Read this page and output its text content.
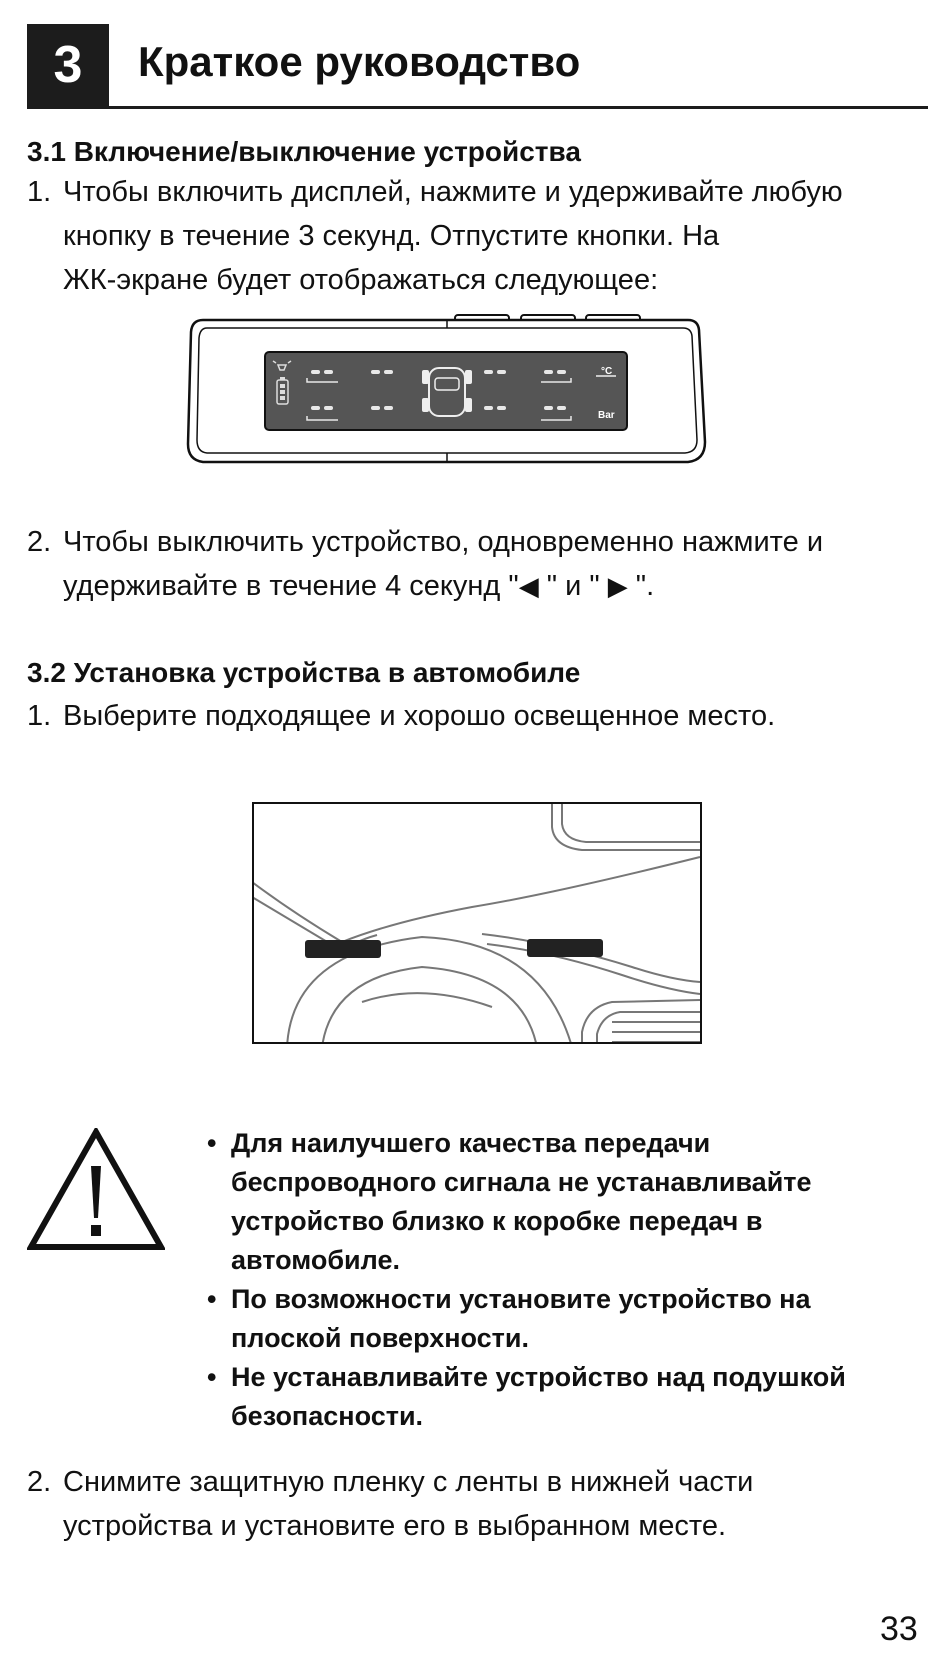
3	Краткое руководство
3.1 Включение/выключение устройства
1. Чтобы включить дисплей, нажмите и удерживайте любую
кнопку в течение 3 секунд. Отпустите кнопки. На
ЖК-экране будет отображаться следующее:
°C
Bar
2. Чтобы выключить устройство, одновременно нажмите и
удерживайте в течение 4 секунд "◀ " и " ▶ ".
3.2 Установка устройства в автомобиле
1. Выберите подходящее и хорошо освещенное место.
• Для наилучшего качества передачи
беспроводного сигнала не устанавливайте
устройство близко к коробке передач в
автомобиле.
• По возможности установите устройство на
плоской поверхности.
• Не устанавливайте устройство над подушкой
безопасности.
2. Снимите защитную пленку с ленты в нижней части
устройства и установите его в выбранном месте.
33
